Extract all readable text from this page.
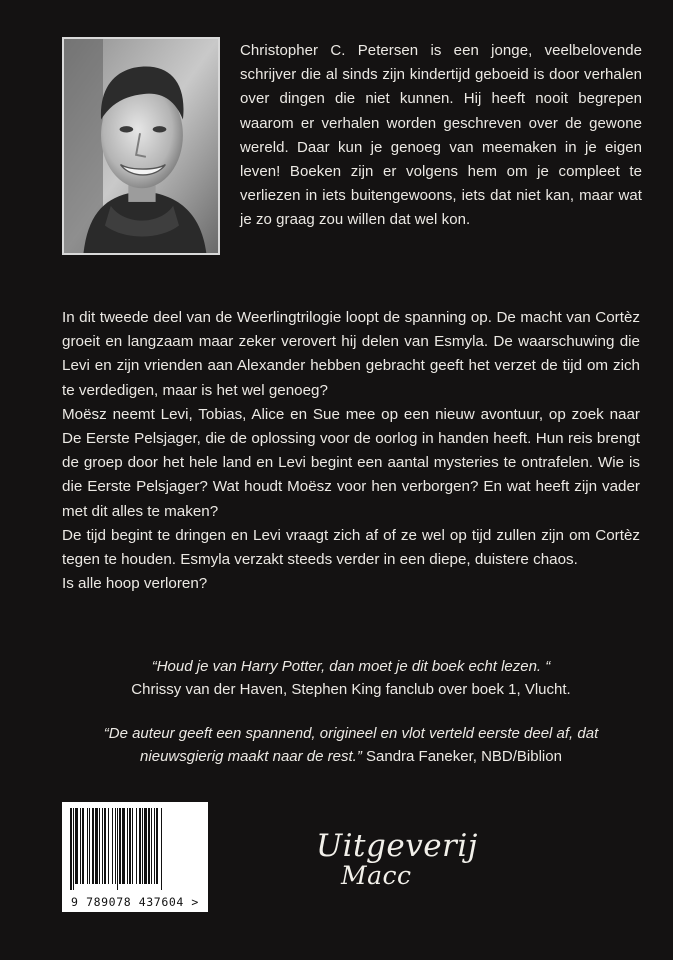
Christopher C. Petersen is een jonge, veelbelovende schrijver die al sinds zijn kindertijd geboeid is door verhalen over dingen die niet kunnen. Hij heeft nooit begrepen waarom er verhalen worden geschreven over de gewone wereld. Daar kun je genoeg van meemaken in je eigen leven! Boeken zijn er volgens hem om je compleet te verliezen in iets buitengewoons, iets dat niet kan, maar wat je zo graag zou willen dat wel kon.

In dit tweede deel van de Weerlingtrilogie loopt de spanning op. De macht van Cortèz groeit en langzaam maar zeker verovert hij delen van Esmyla. De waarschuwing die Levi en zijn vrienden aan Alexander hebben gebracht geeft het verzet de tijd om zich te verdedigen, maar is het wel genoeg?

Moësz neemt Levi, Tobias, Alice en Sue mee op een nieuw avontuur, op zoek naar De Eerste Pelsjager, die de oplossing voor de oorlog in handen heeft. Hun reis brengt de groep door het hele land en Levi begint een aantal mysteries te ontrafelen. Wie is die Eerste Pelsjager? Wat houdt Moësz voor hen verborgen? En wat heeft zijn vader met dit alles te maken?

De tijd begint te dringen en Levi vraagt zich af of ze wel op tijd zullen zijn om Cortèz tegen te houden. Esmyla verzakt steeds verder in een diepe, duistere chaos.

Is alle hoop verloren?

“Houd je van Harry Potter, dan moet je dit boek echt lezen. “
Chrissy van der Haven, Stephen King fanclub over boek 1, Vlucht.
“De auteur geeft een spannend, origineel en vlot verteld eerste deel af, dat
nieuwsgierig maakt naar de rest.” Sandra Faneker, NBD/Biblion
9 789078 437604 >
Uitgeverij
Macc
